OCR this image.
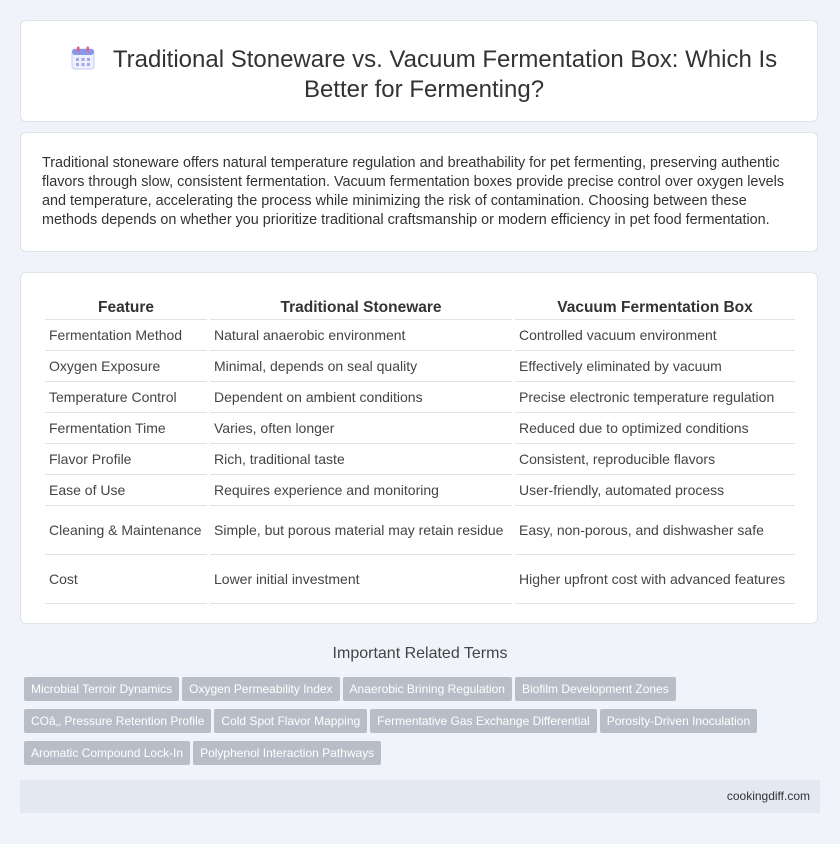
Traditional Stoneware vs. Vacuum Fermentation Box: Which Is Better for Fermenting?

Traditional stoneware offers natural temperature regulation and breathability for pet fermenting, preserving authentic flavors through slow, consistent fermentation. Vacuum fermentation boxes provide precise control over oxygen levels and temperature, accelerating the process while minimizing the risk of contamination. Choosing between these methods depends on whether you prioritize traditional craftsmanship or modern efficiency in pet food fermentation.

Feature	Traditional Stoneware	Vacuum Fermentation Box
Fermentation Method	Natural anaerobic environment	Controlled vacuum environment
Oxygen Exposure	Minimal, depends on seal quality	Effectively eliminated by vacuum
Temperature Control	Dependent on ambient conditions	Precise electronic temperature regulation
Fermentation Time	Varies, often longer	Reduced due to optimized conditions
Flavor Profile	Rich, traditional taste	Consistent, reproducible flavors
Ease of Use	Requires experience and monitoring	User-friendly, automated process
Cleaning & Maintenance	Simple, but porous material may retain residue	Easy, non-porous, and dishwasher safe
Cost	Lower initial investment	Higher upfront cost with advanced features
Important Related Terms
Microbial Terroir Dynamics Oxygen Permeability Index Anaerobic Brining Regulation Biofilm Development Zones
COâ‚‚ Pressure Retention Profile Cold Spot Flavor Mapping Fermentative Gas Exchange Differential Porosity-Driven Inoculation
Aromatic Compound Lock-In Polyphenol Interaction Pathways
cookingdiff.com
